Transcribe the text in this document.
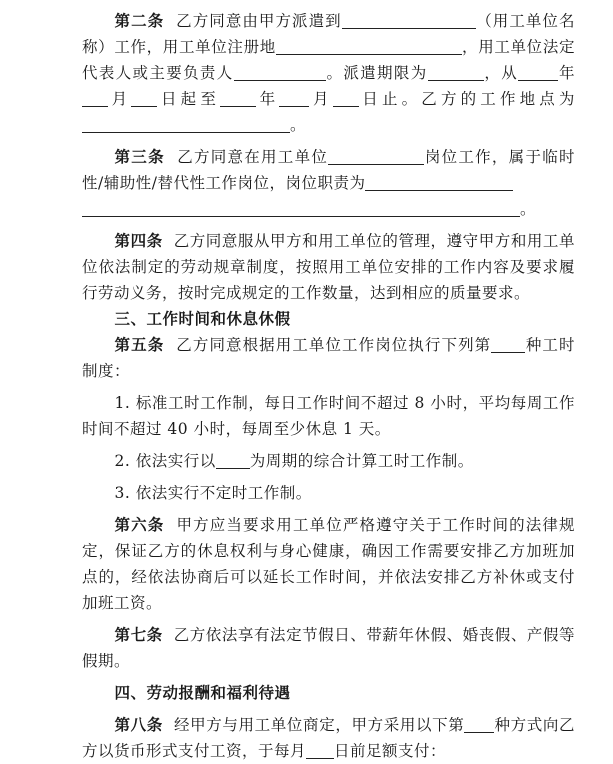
第二条 乙方同意由甲方派遣到	（用工单位名称）工作，用工单位注册地	，用工单位法定代表人或主要负责人	。派遣期限为	，从	年月 日起至 年 月 日止。乙方的工作地点为。

第三条 乙方同意在用工单位	岗位工作，属于临时性/辅助性/替代性工作岗位，岗位职责为

。

第四条 乙方同意服从甲方和用工单位的管理，遵守甲方和用工单位依法制定的劳动规章制度，按照用工单位安排的工作内容及要求履行劳动义务，按时完成规定的工作数量，达到相应的质量要求。

三、工作时间和休息休假

第五条 乙方同意根据用工单位工作岗位执行下列第 种工时制度：

1. 标准工时工作制，每日工作时间不超过 8 小时，平均每周工作时间不超过 40 小时，每周至少休息 1 天。

2. 依法实行以 为周期的综合计算工时工作制。

3. 依法实行不定时工作制。

第六条 甲方应当要求用工单位严格遵守关于工作时间的法律规定，保证乙方的休息权利与身心健康，确因工作需要安排乙方加班加点的，经依法协商后可以延长工作时间，并依法安排乙方补休或支付加班工资。

第七条 乙方依法享有法定节假日、带薪年休假、婚丧假、产假等假期。

四、劳动报酬和福利待遇

第八条 经甲方与用工单位商定，甲方采用以下第 种方式向乙方以货币形式支付工资，于每月 日前足额支付：
